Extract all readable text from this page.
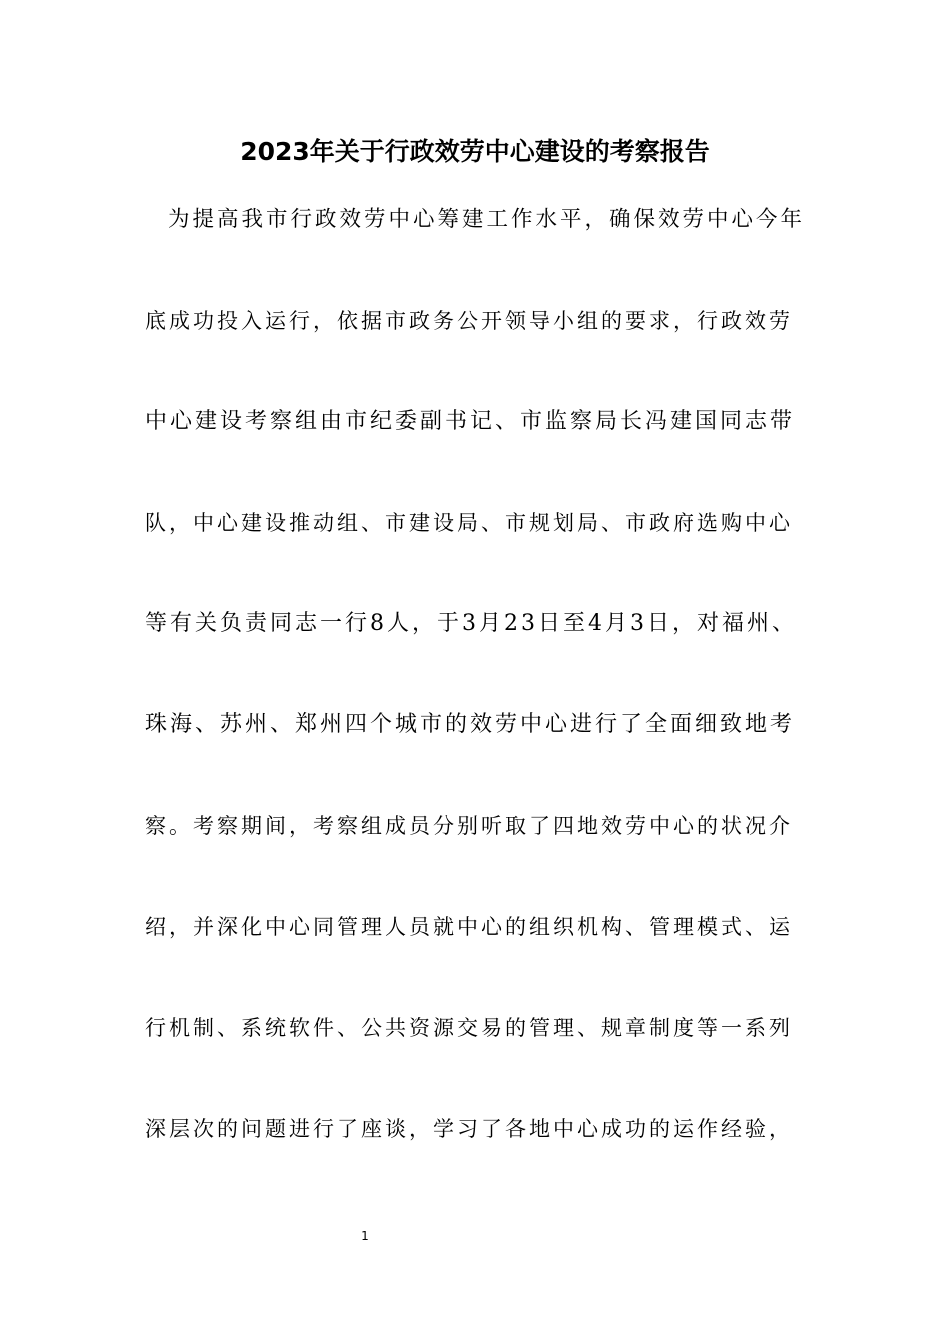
2023年关于行政效劳中心建设的考察报告
为提高我市行政效劳中心筹建工作水平，确保效劳中心今年
底成功投入运行，依据市政务公开领导小组的要求，行政效劳
中心建设考察组由市纪委副书记、市监察局长冯建国同志带
队，中心建设推动组、市建设局、市规划局、市政府选购中心
等有关负责同志一行8人，于3月23日至4月3日，对福州、
珠海、苏州、郑州四个城市的效劳中心进行了全面细致地考
察。考察期间，考察组成员分别听取了四地效劳中心的状况介
绍，并深化中心同管理人员就中心的组织机构、管理模式、运
行机制、系统软件、公共资源交易的管理、规章制度等一系列
深层次的问题进行了座谈，学习了各地中心成功的运作经验，
1
